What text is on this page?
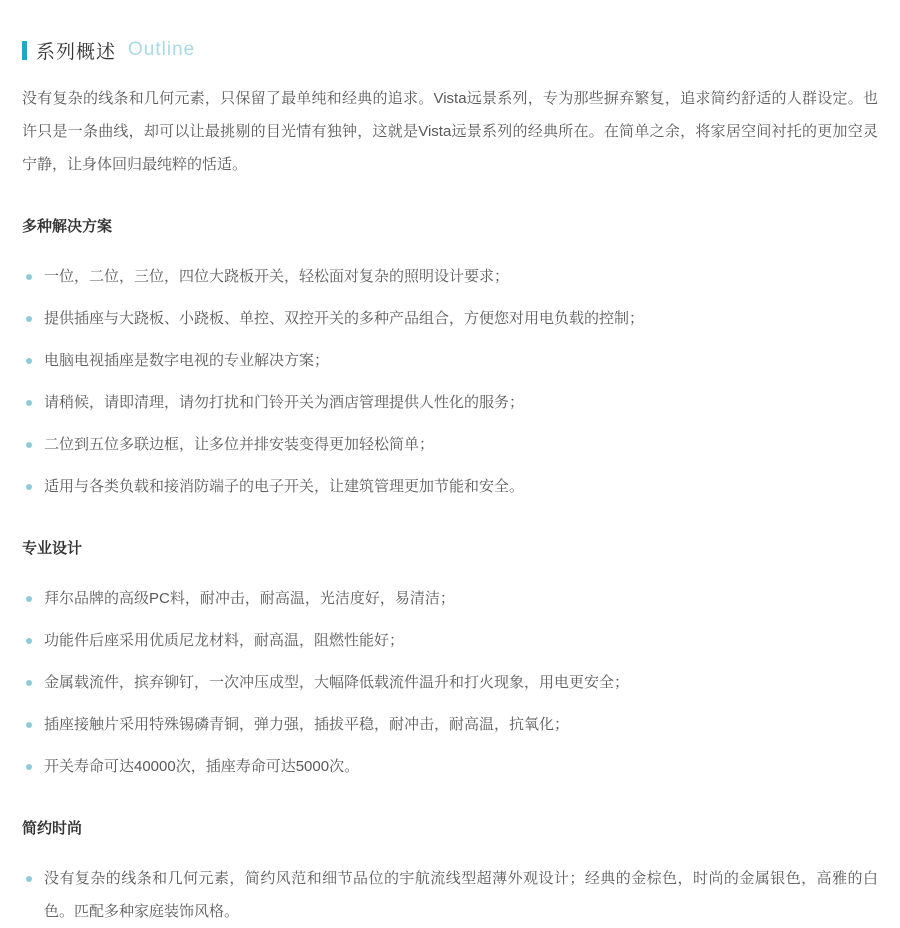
系列概述 Outline

没有复杂的线条和几何元素，只保留了最单纯和经典的追求。Vista远景系列，专为那些摒弃繁复，追求简约舒适的人群设定。也许只是一条曲线，却可以让最挑剔的目光情有独钟，这就是Vista远景系列的经典所在。在简单之余，将家居空间衬托的更加空灵宁静，让身体回归最纯粹的恬适。

多种解决方案
一位，二位，三位，四位大跷板开关，轻松面对复杂的照明设计要求；
提供插座与大跷板、小跷板、单控、双控开关的多种产品组合，方便您对用电负载的控制；
电脑电视插座是数字电视的专业解决方案；
请稍候，请即清理，请勿打扰和门铃开关为酒店管理提供人性化的服务；
二位到五位多联边框，让多位并排安装变得更加轻松简单；
适用与各类负载和接消防端子的电子开关，让建筑管理更加节能和安全。
专业设计
拜尔品牌的高级PC料，耐冲击，耐高温，光洁度好，易清洁；
功能件后座采用优质尼龙材料，耐高温，阻燃性能好；
金属载流件，摈弃铆钉，一次冲压成型，大幅降低载流件温升和打火现象，用电更安全；
插座接触片采用特殊锡磷青铜，弹力强，插拔平稳，耐冲击，耐高温，抗氧化；
开关寿命可达40000次，插座寿命可达5000次。
简约时尚
没有复杂的线条和几何元素，简约风范和细节品位的宇航流线型超薄外观设计；经典的金棕色，时尚的金属银色，高雅的白色。匹配多种家庭装饰风格。
